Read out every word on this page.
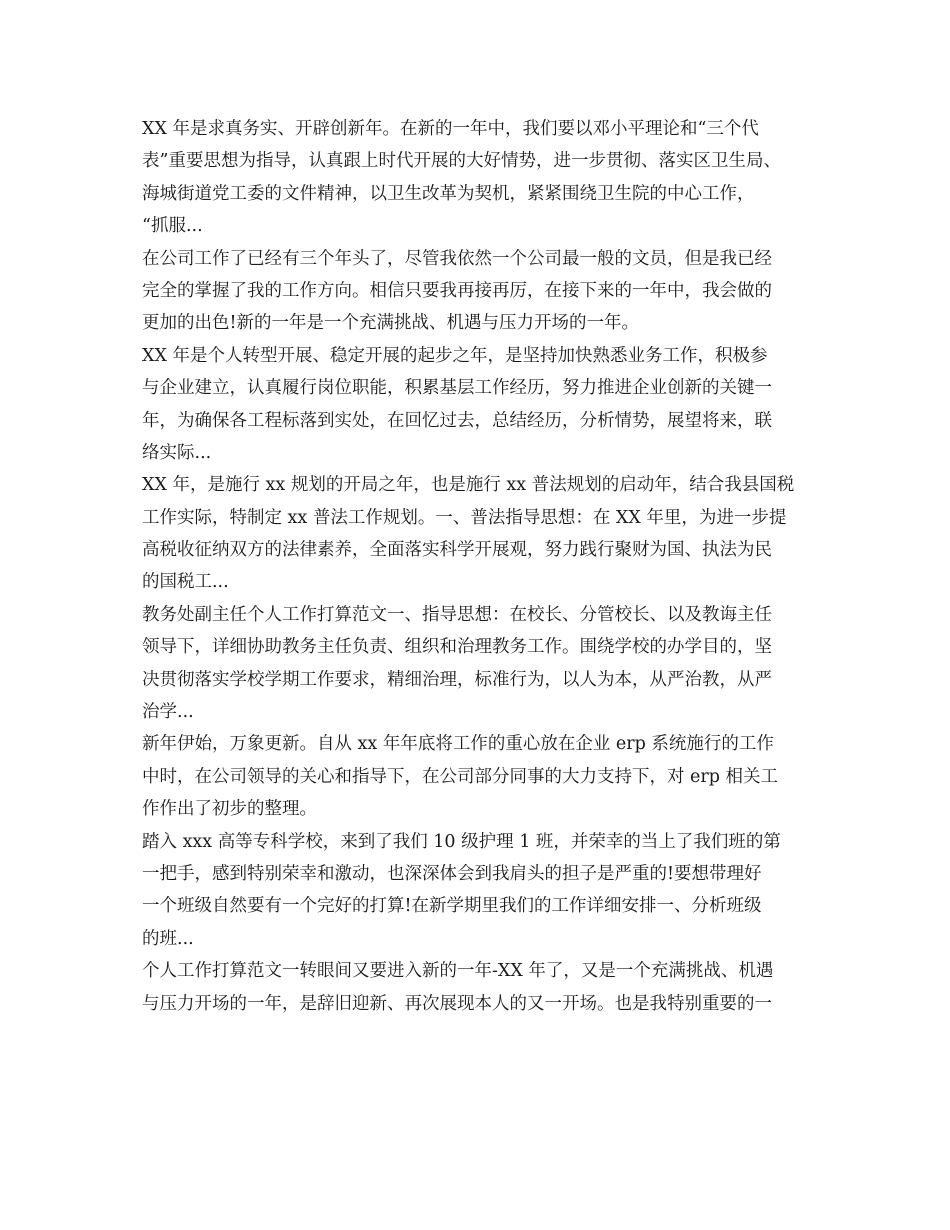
XX 年是求真务实、开辟创新年。在新的一年中，我们要以邓小平理论和“三个代
表”重要思想为指导，认真跟上时代开展的大好情势，进一步贯彻、落实区卫生局、
海城街道党工委的文件精神，以卫生改革为契机，紧紧围绕卫生院的中心工作，
“抓服...
在公司工作了已经有三个年头了，尽管我依然一个公司最一般的文员，但是我已经
完全的掌握了我的工作方向。相信只要我再接再厉，在接下来的一年中，我会做的
更加的出色!新的一年是一个充满挑战、机遇与压力开场的一年。
XX 年是个人转型开展、稳定开展的起步之年，是坚持加快熟悉业务工作，积极参
与企业建立，认真履行岗位职能，积累基层工作经历，努力推进企业创新的关键一
年，为确保各工程标落到实处，在回忆过去，总结经历，分析情势，展望将来，联
络实际...
XX 年，是施行 xx 规划的开局之年，也是施行 xx 普法规划的启动年，结合我县国税
工作实际，特制定 xx 普法工作规划。一、普法指导思想：在 XX 年里，为进一步提
高税收征纳双方的法律素养，全面落实科学开展观，努力践行聚财为国、执法为民
的国税工...
教务处副主任个人工作打算范文一、指导思想：在校长、分管校长、以及教诲主任
领导下，详细协助教务主任负责、组织和治理教务工作。围绕学校的办学目的，坚
决贯彻落实学校学期工作要求，精细治理，标准行为，以人为本，从严治教，从严
治学...
新年伊始，万象更新。自从 xx 年年底将工作的重心放在企业 erp 系统施行的工作
中时，在公司领导的关心和指导下，在公司部分同事的大力支持下，对 erp 相关工
作作出了初步的整理。
踏入 xxx 高等专科学校，来到了我们 10 级护理 1 班，并荣幸的当上了我们班的第
一把手，感到特别荣幸和激动，也深深体会到我肩头的担子是严重的!要想带理好
一个班级自然要有一个完好的打算!在新学期里我们的工作详细安排一、分析班级
的班...
个人工作打算范文一转眼间又要进入新的一年-XX 年了，又是一个充满挑战、机遇
与压力开场的一年，是辞旧迎新、再次展现本人的又一开场。也是我特别重要的一
